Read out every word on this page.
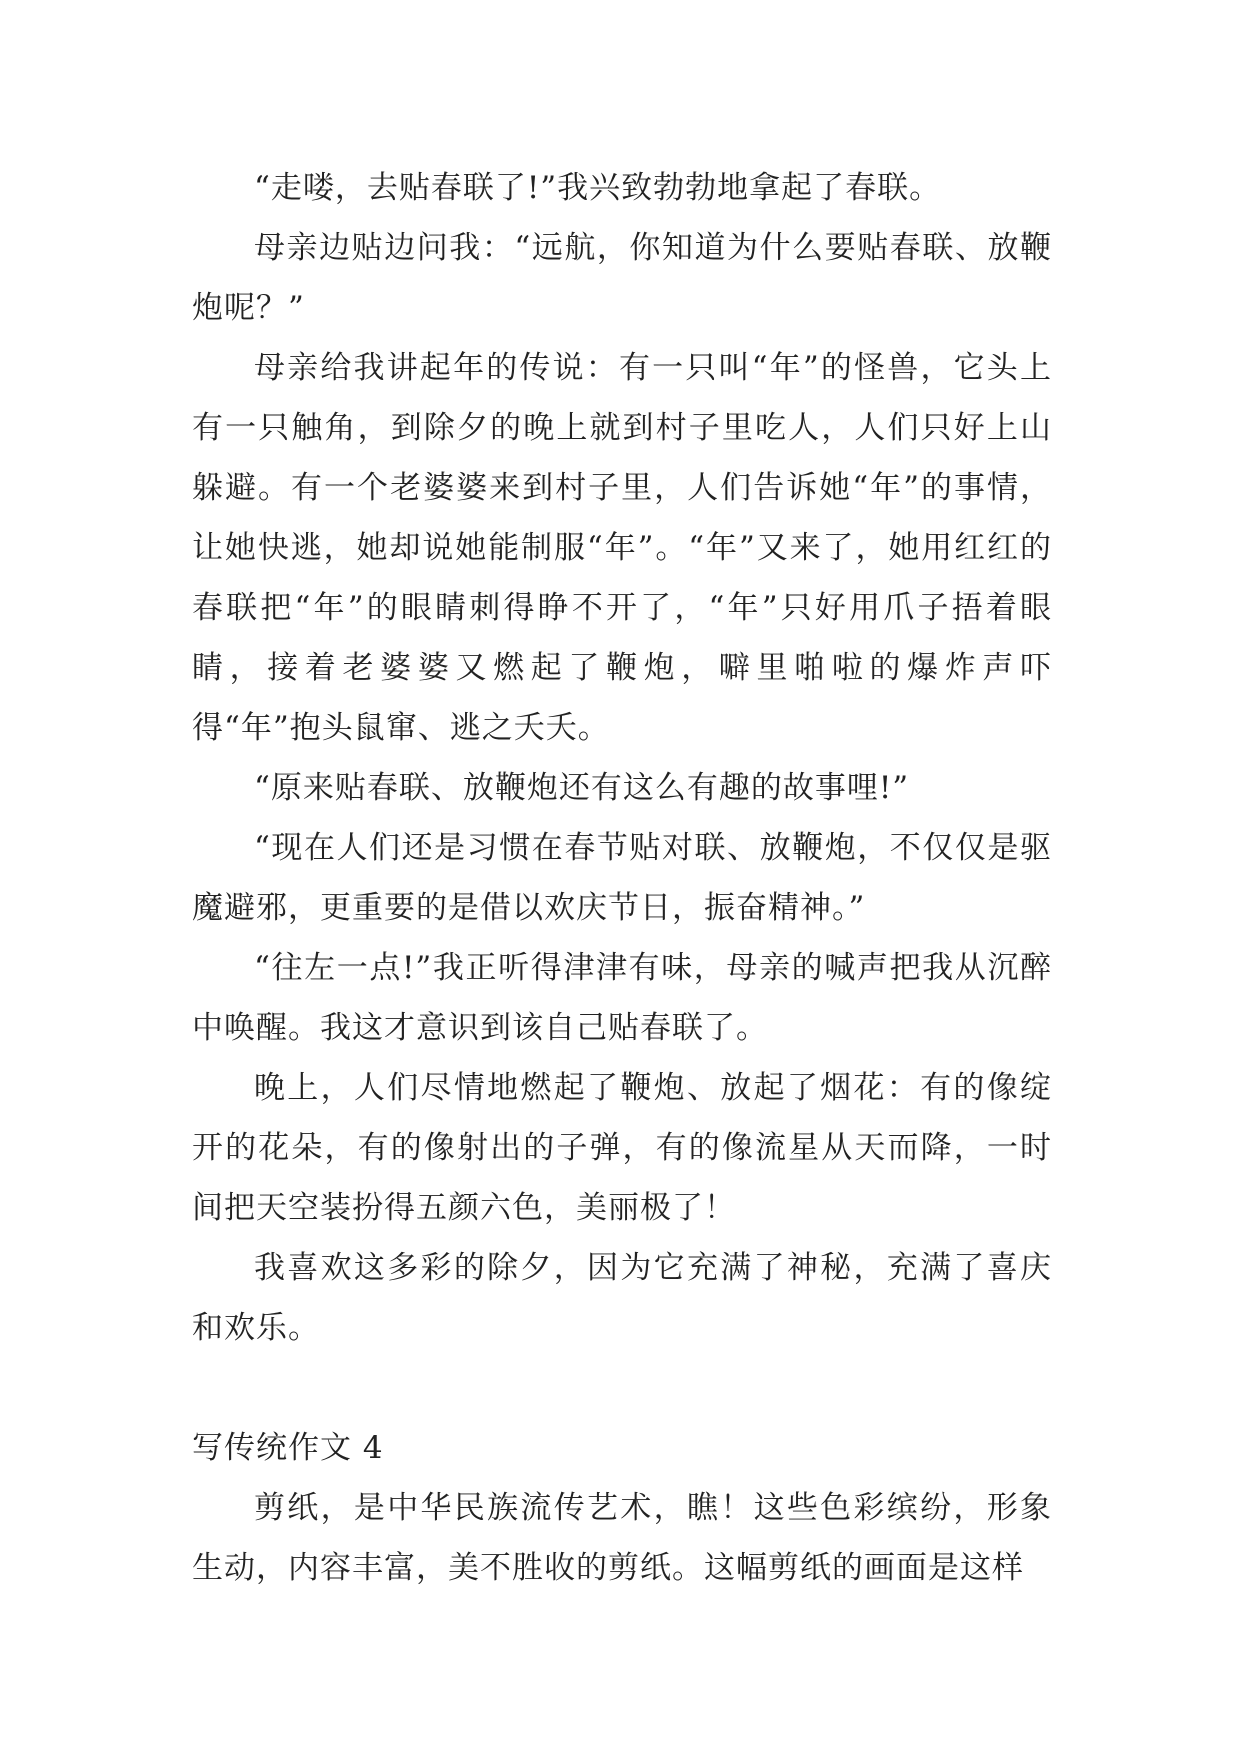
“走喽，去贴春联了!”我兴致勃勃地拿起了春联。

母亲边贴边问我：“远航，你知道为什么要贴春联、放鞭炮呢？”

母亲给我讲起年的传说：有一只叫“年”的怪兽，它头上有一只触角，到除夕的晚上就到村子里吃人，人们只好上山躲避。有一个老婆婆来到村子里，人们告诉她“年”的事情，让她快逃，她却说她能制服“年”。“年”又来了，她用红红的春联把“年”的眼睛刺得睁不开了，“年”只好用爪子捂着眼睛，接着老婆婆又燃起了鞭炮，噼里啪啦的爆炸声吓得“年”抱头鼠窜、逃之夭夭。

“原来贴春联、放鞭炮还有这么有趣的故事哩!”

“现在人们还是习惯在春节贴对联、放鞭炮，不仅仅是驱魔避邪，更重要的是借以欢庆节日，振奋精神。”

“往左一点!”我正听得津津有味，母亲的喊声把我从沉醉中唤醒。我这才意识到该自己贴春联了。

晚上，人们尽情地燃起了鞭炮、放起了烟花：有的像绽开的花朵，有的像射出的子弹，有的像流星从天而降，一时间把天空装扮得五颜六色，美丽极了！

我喜欢这多彩的除夕，因为它充满了神秘，充满了喜庆和欢乐。

写传统作文 4

剪纸，是中华民族流传艺术，瞧！这些色彩缤纷，形象生动，内容丰富，美不胜收的剪纸。这幅剪纸的画面是这样
